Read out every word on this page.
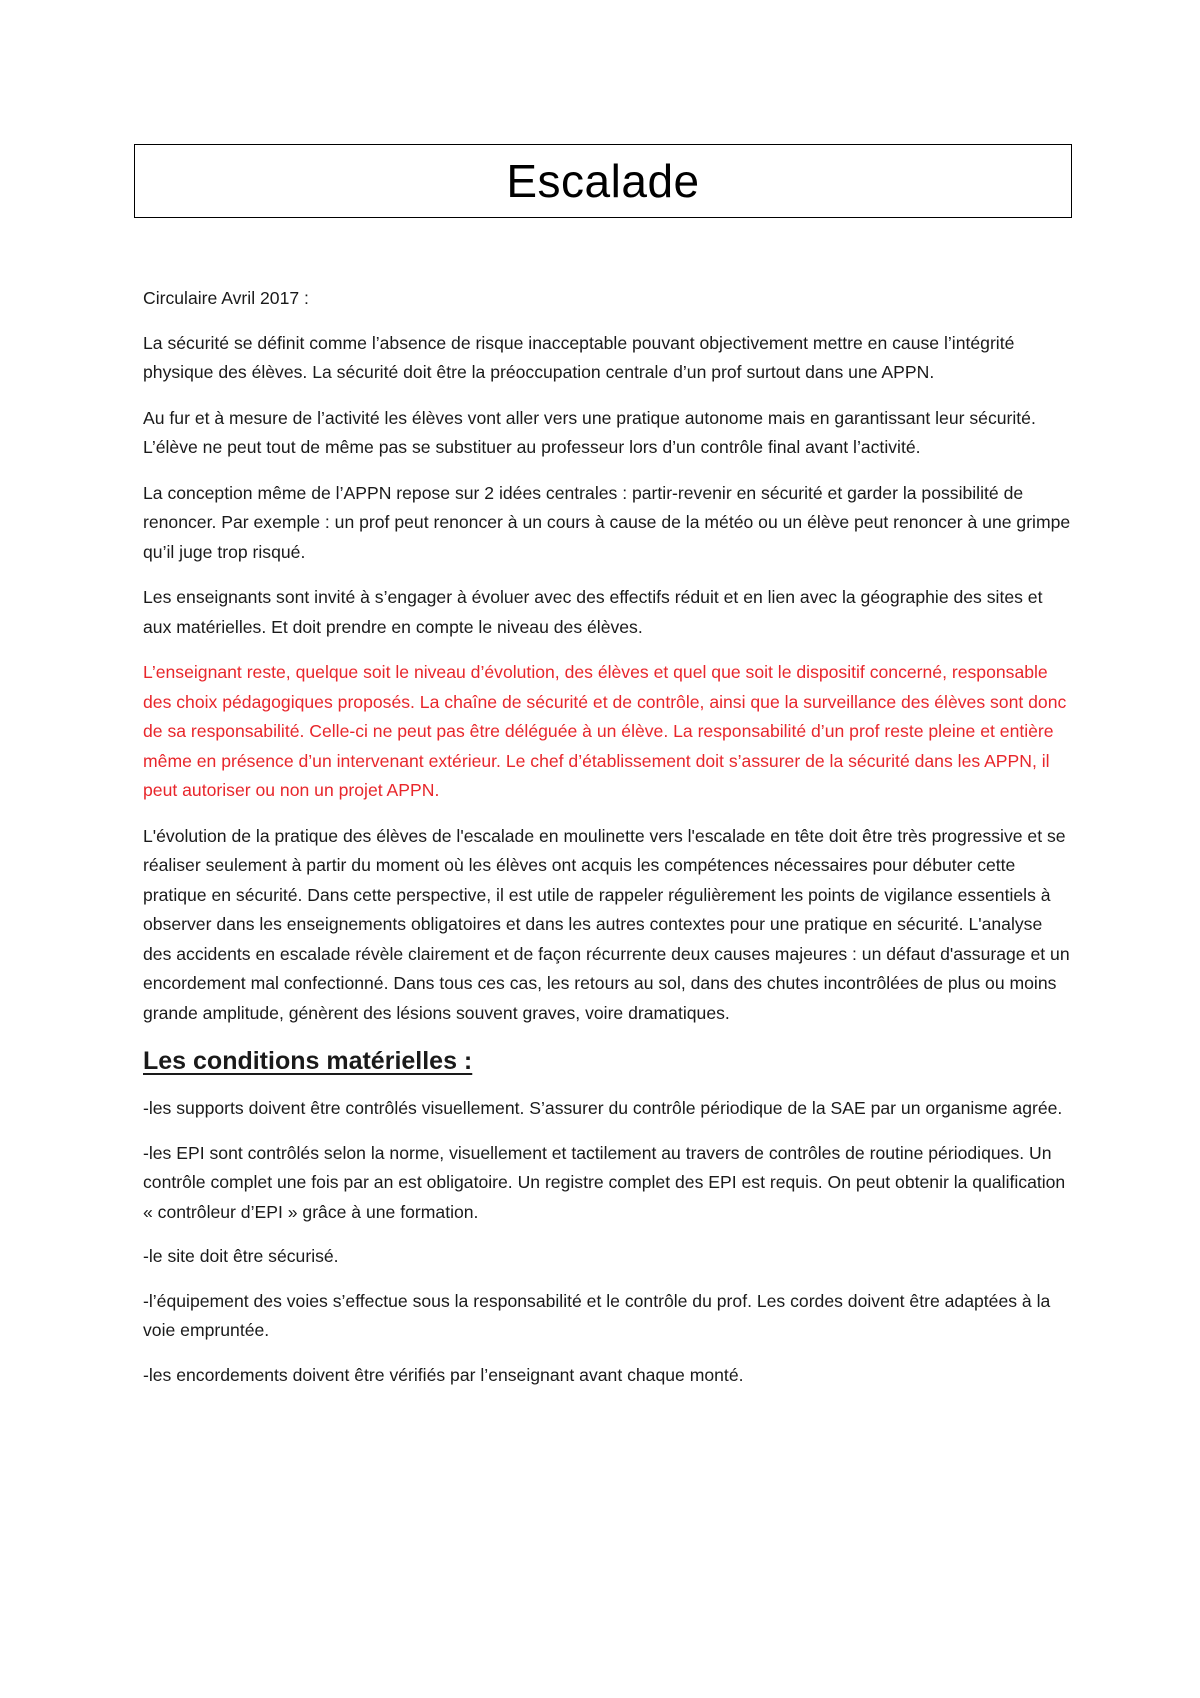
Escalade

Circulaire Avril 2017 :

La sécurité se définit comme l’absence de risque inacceptable pouvant objectivement mettre en cause l’intégrité physique des élèves. La sécurité doit être la préoccupation centrale d’un prof surtout dans une APPN.

Au fur et à mesure de l’activité les élèves vont aller vers une pratique autonome mais en garantissant leur sécurité. L’élève ne peut tout de même pas se substituer au professeur lors d’un contrôle final avant l’activité.

La conception même de l’APPN repose sur 2 idées centrales : partir-revenir en sécurité et garder la possibilité de renoncer. Par exemple : un prof peut renoncer à un cours à cause de la météo ou un élève peut renoncer à une grimpe qu’il juge trop risqué.

Les enseignants sont invité à s’engager à évoluer avec des effectifs réduit et en lien avec la géographie des sites et aux matérielles. Et doit prendre en compte le niveau des élèves.

L’enseignant reste, quelque soit le niveau d’évolution, des élèves et quel que soit le dispositif concerné, responsable des choix pédagogiques proposés. La chaîne de sécurité et de contrôle, ainsi que la surveillance des élèves sont donc de sa responsabilité. Celle-ci ne peut pas être déléguée à un élève. La responsabilité d’un prof reste pleine et entière même en présence d’un intervenant extérieur. Le chef d’établissement doit s’assurer de la sécurité dans les APPN, il peut autoriser ou non un projet APPN.

L'évolution de la pratique des élèves de l'escalade en moulinette vers l'escalade en tête doit être très progressive et se réaliser seulement à partir du moment où les élèves ont acquis les compétences nécessaires pour débuter cette pratique en sécurité. Dans cette perspective, il est utile de rappeler régulièrement les points de vigilance essentiels à observer dans les enseignements obligatoires et dans les autres contextes pour une pratique en sécurité. L'analyse des accidents en escalade révèle clairement et de façon récurrente deux causes majeures : un défaut d'assurage et un encordement mal confectionné. Dans tous ces cas, les retours au sol, dans des chutes incontrôlées de plus ou moins grande amplitude, génèrent des lésions souvent graves, voire dramatiques.

Les conditions matérielles :

-les supports doivent être contrôlés visuellement. S’assurer du contrôle périodique de la SAE par un organisme agrée.

-les EPI sont contrôlés selon la norme, visuellement et tactilement au travers de contrôles de routine périodiques. Un contrôle complet une fois par an est obligatoire. Un registre complet des EPI est requis. On peut obtenir la qualification « contrôleur d’EPI » grâce à une formation.

-le site doit être sécurisé.

-l’équipement des voies s’effectue sous la responsabilité et le contrôle du prof. Les cordes doivent être adaptées à la voie empruntée.

-les encordements doivent être vérifiés par l’enseignant avant chaque monté.
